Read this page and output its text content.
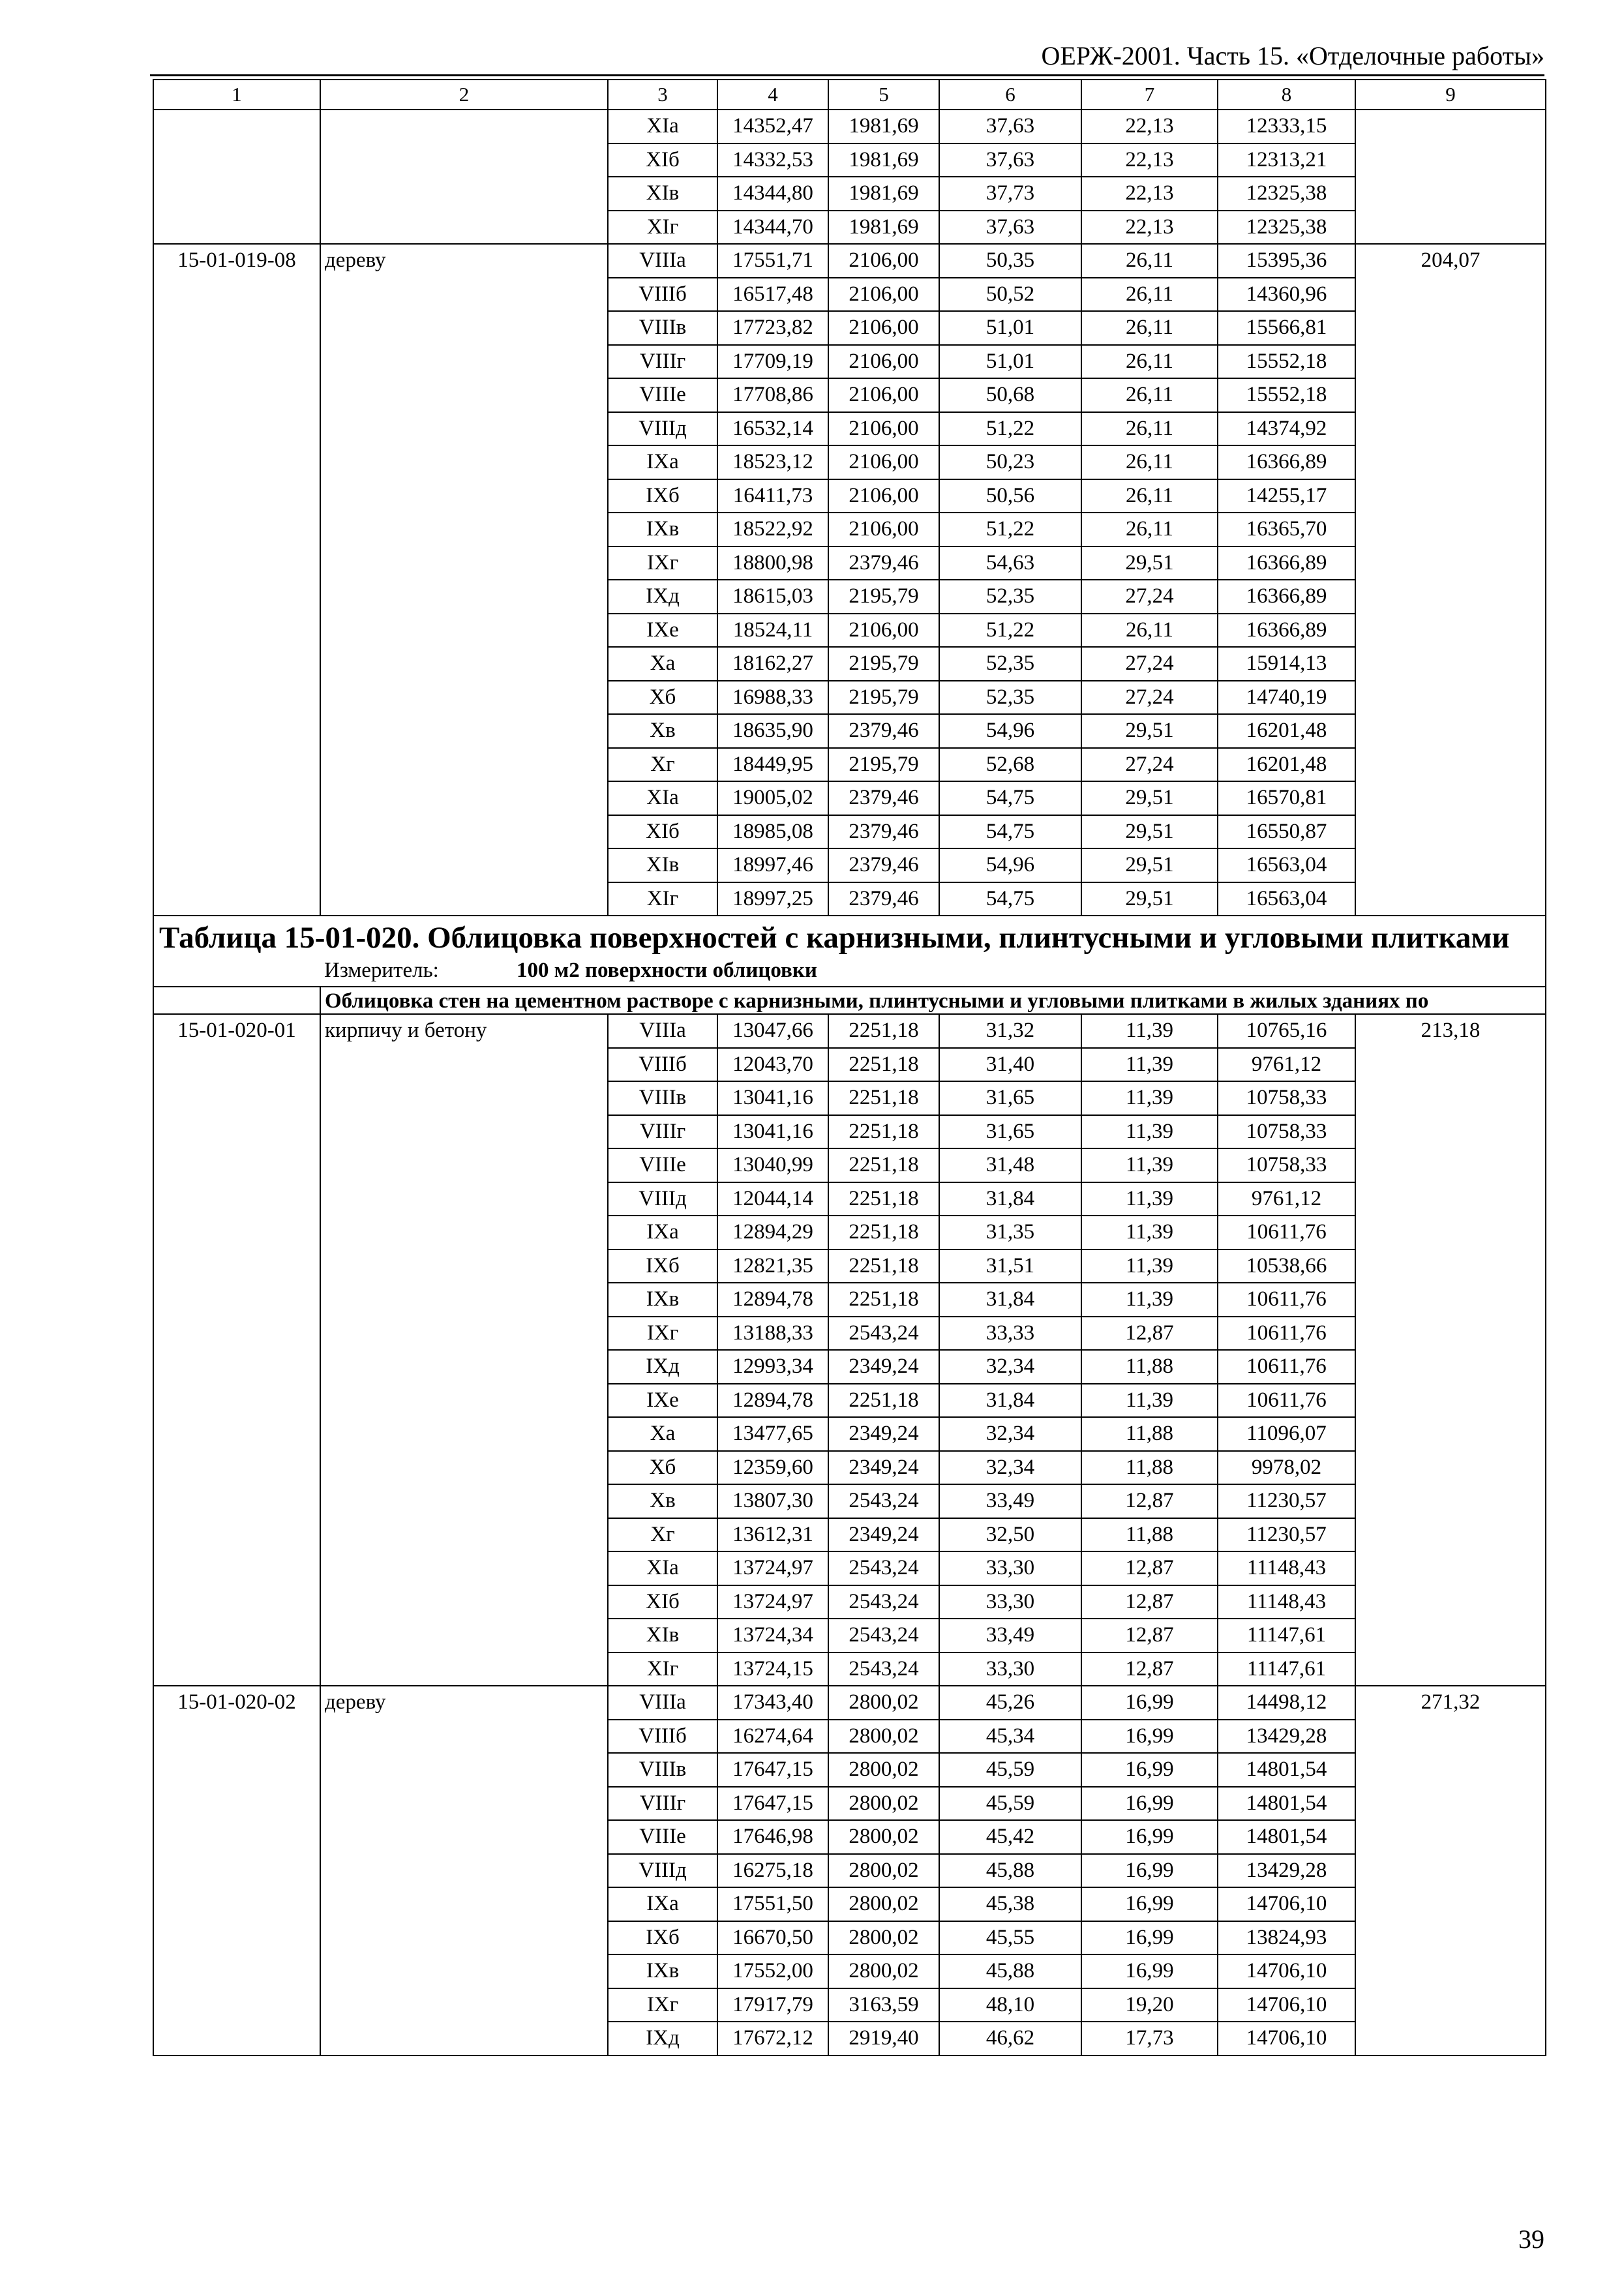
ОЕРЖ-2001. Часть 15. «Отделочные работы»
1	2	3	4	5	6	7	8	9
		XIа	14352,47	1981,69	37,63	22,13	12333,15	
		XIб	14332,53	1981,69	37,63	22,13	12313,21	
		XIв	14344,80	1981,69	37,73	22,13	12325,38	
		XIг	14344,70	1981,69	37,63	22,13	12325,38	
15-01-019-08	дереву	VIIIа	17551,71	2106,00	50,35	26,11	15395,36	204,07
		VIIIб	16517,48	2106,00	50,52	26,11	14360,96	
		VIIIв	17723,82	2106,00	51,01	26,11	15566,81	
		VIIIг	17709,19	2106,00	51,01	26,11	15552,18	
		VIIIе	17708,86	2106,00	50,68	26,11	15552,18	
		VIIIд	16532,14	2106,00	51,22	26,11	14374,92	
		IXа	18523,12	2106,00	50,23	26,11	16366,89	
		IXб	16411,73	2106,00	50,56	26,11	14255,17	
		IXв	18522,92	2106,00	51,22	26,11	16365,70	
		IXг	18800,98	2379,46	54,63	29,51	16366,89	
		IXд	18615,03	2195,79	52,35	27,24	16366,89	
		IXе	18524,11	2106,00	51,22	26,11	16366,89	
		Xа	18162,27	2195,79	52,35	27,24	15914,13	
		Xб	16988,33	2195,79	52,35	27,24	14740,19	
		Xв	18635,90	2379,46	54,96	29,51	16201,48	
		Xг	18449,95	2195,79	52,68	27,24	16201,48	
		XIа	19005,02	2379,46	54,75	29,51	16570,81	
		XIб	18985,08	2379,46	54,75	29,51	16550,87	
		XIв	18997,46	2379,46	54,96	29,51	16563,04	
		XIг	18997,25	2379,46	54,75	29,51	16563,04	

Таблица 15-01-020. Облицовка поверхностей с карнизными, плинтусными и угловыми плитками
Измеритель: 100 м2 поверхности облицовки								

	Облицовка стен на цементном растворе с карнизными, плинтусными и угловыми плитками в жилых зданиях по							
15-01-020-01	кирпичу и бетону	VIIIа	13047,66	2251,18	31,32	11,39	10765,16	213,18
		VIIIб	12043,70	2251,18	31,40	11,39	9761,12	
		VIIIв	13041,16	2251,18	31,65	11,39	10758,33	
		VIIIг	13041,16	2251,18	31,65	11,39	10758,33	
		VIIIе	13040,99	2251,18	31,48	11,39	10758,33	
		VIIIд	12044,14	2251,18	31,84	11,39	9761,12	
		IXа	12894,29	2251,18	31,35	11,39	10611,76	
		IXб	12821,35	2251,18	31,51	11,39	10538,66	
		IXв	12894,78	2251,18	31,84	11,39	10611,76	
		IXг	13188,33	2543,24	33,33	12,87	10611,76	
		IXд	12993,34	2349,24	32,34	11,88	10611,76	
		IXе	12894,78	2251,18	31,84	11,39	10611,76	
		Xа	13477,65	2349,24	32,34	11,88	11096,07	
		Xб	12359,60	2349,24	32,34	11,88	9978,02	
		Xв	13807,30	2543,24	33,49	12,87	11230,57	
		Xг	13612,31	2349,24	32,50	11,88	11230,57	
		XIа	13724,97	2543,24	33,30	12,87	11148,43	
		XIб	13724,97	2543,24	33,30	12,87	11148,43	
		XIв	13724,34	2543,24	33,49	12,87	11147,61	
		XIг	13724,15	2543,24	33,30	12,87	11147,61	
15-01-020-02	дереву	VIIIа	17343,40	2800,02	45,26	16,99	14498,12	271,32
		VIIIб	16274,64	2800,02	45,34	16,99	13429,28	
		VIIIв	17647,15	2800,02	45,59	16,99	14801,54	
		VIIIг	17647,15	2800,02	45,59	16,99	14801,54	
		VIIIе	17646,98	2800,02	45,42	16,99	14801,54	
		VIIIд	16275,18	2800,02	45,88	16,99	13429,28	
		IXа	17551,50	2800,02	45,38	16,99	14706,10	
		IXб	16670,50	2800,02	45,55	16,99	13824,93	
		IXв	17552,00	2800,02	45,88	16,99	14706,10	
		IXг	17917,79	3163,59	48,10	19,20	14706,10	
		IXд	17672,12	2919,40	46,62	17,73	14706,10	
39
